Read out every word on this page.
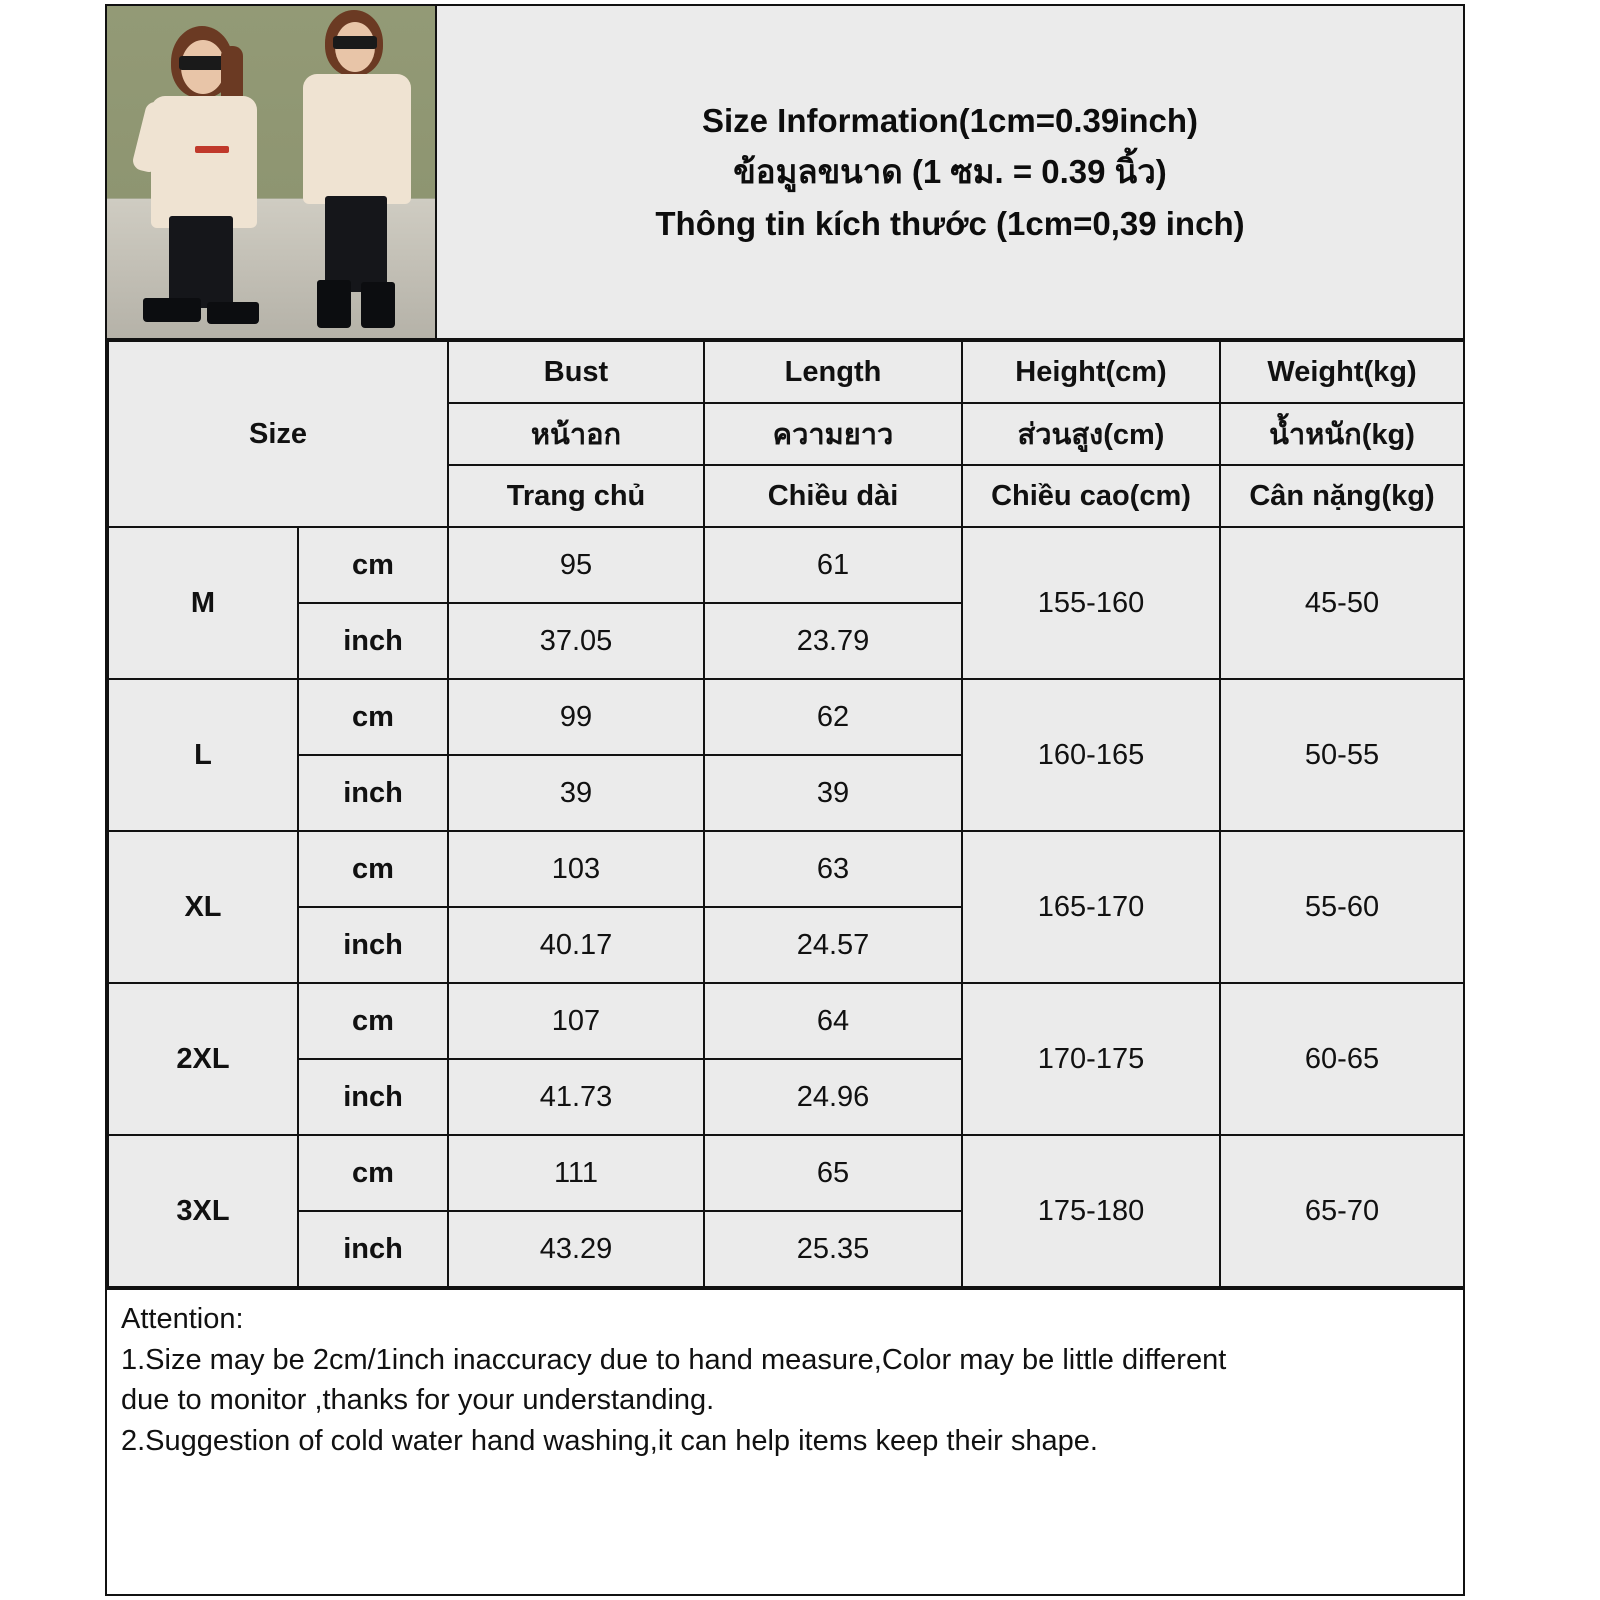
Size Information(1cm=0.39inch)
ข้อมูลขนาด (1 ซม. = 0.39 นิ้ว)
Thông tin kích thước (1cm=0,39 inch)
Size		Bust	Length	Height(cm)	Weight(kg)
		หน้าอก	ความยาว	ส่วนสูง(cm)	น้ำหนัก(kg)
		Trang chủ	Chiều dài	Chiều cao(cm)	Cân nặng(kg)
M	cm	95	61	155-160	45-50
	inch	37.05	23.79		
L	cm	99	62	160-165	50-55
	inch	39	39		
XL	cm	103	63	165-170	55-60
	inch	40.17	24.57		
2XL	cm	107	64	170-175	60-65
	inch	41.73	24.96		
3XL	cm	111	65	175-180	65-70
	inch	43.29	25.35		

Attention:

1.Size may be 2cm/1inch inaccuracy due to hand measure,Color may be little different

due to monitor ,thanks for your understanding.

2.Suggestion of cold water hand washing,it can help items keep their shape.
